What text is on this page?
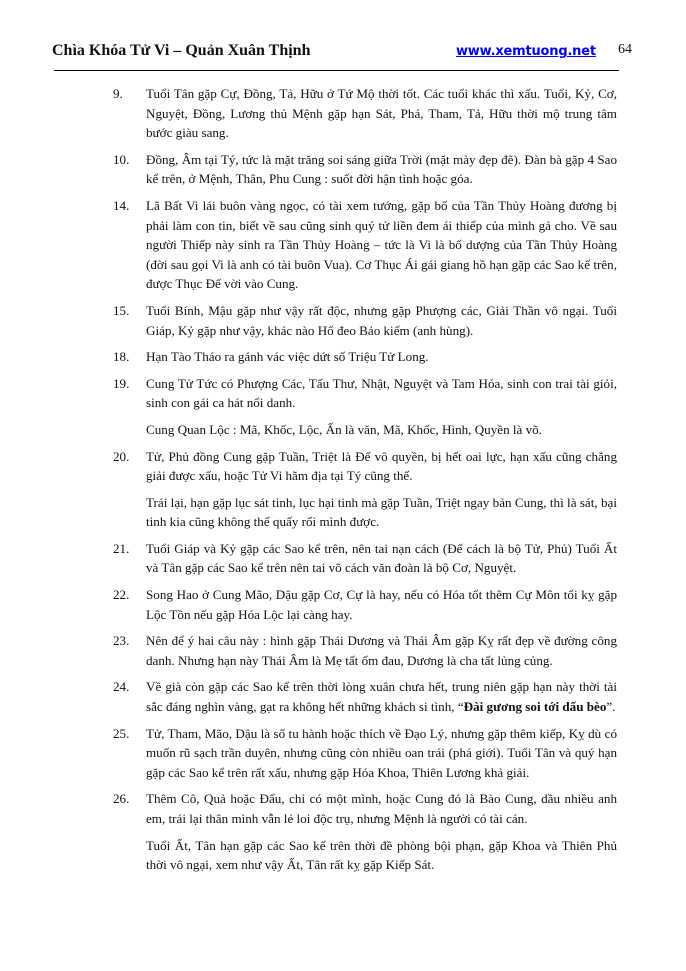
Chìa Khóa Tử Vi – Quản Xuân Thịnh	www.xemtuong.net 64
9. Tuổi Tân gặp Cự, Đồng, Tả, Hữu ở Tứ Mộ thời tốt. Các tuổi khác thì xấu. Tuổi, Kỷ, Cơ, Nguyệt, Đồng, Lương thủ Mệnh gặp hạn Sát, Phá, Tham, Tả, Hữu thời mộ trung tâm bước giàu sang.
10. Đồng, Âm tại Tý, tức là mặt trăng soi sáng giữa Trời (mặt mày đẹp đẽ). Đàn bà gặp 4 Sao kể trên, ở Mệnh, Thân, Phu Cung : suốt đời hận tình hoặc góa.
14. Lã Bất Vi lái buôn vàng ngọc, có tài xem tướng, gặp bố của Tần Thủy Hoàng đương bị phải làm con tin, biết về sau cũng sinh quý tử liền đem ái thiếp của mình gả cho. Về sau người Thiếp này sinh ra Tần Thủy Hoàng – tức là Vi là bố dượng của Tần Thủy Hoàng (đời sau gọi Vi là anh có tài buôn Vua). Cơ Thục Ái gái giang hồ hạn gặp các Sao kể trên, được Thục Đế vời vào Cung.
15. Tuổi Bính, Mậu gặp như vậy rất độc, nhưng gặp Phượng các, Giải Thần vô ngại. Tuổi Giáp, Kỷ gặp như vậy, khác nào Hổ đeo Bảo kiếm (anh hùng).
18. Hạn Tào Tháo ra gánh vác việc dứt số Triệu Tử Long.
19. Cung Tử Tức có Phượng Các, Tấu Thư, Nhật, Nguyệt và Tam Hóa, sinh con trai tài giỏi, sinh con gái ca hát nổi danh.
Cung Quan Lộc : Mã, Khốc, Lộc, Ấn là văn, Mã, Khốc, Hình, Quyền là võ.
20. Tử, Phủ đồng Cung gặp Tuần, Triệt là Đế vô quyền, bị hết oai lực, hạn xấu cũng chẳng giải được xấu, hoặc Tử Vi hãm địa tại Tý cũng thế.
Trái lại, hạn gặp lục sát tinh, lục hại tinh mà gặp Tuần, Triệt ngay bản Cung, thì là sát, bại tinh kia cũng không thể quấy rối mình được.
21. Tuổi Giáp và Kỷ gặp các Sao kể trên, nên tai nạn cách (Đế cách là bộ Tử, Phủ) Tuổi Ất và Tân gặp các Sao kể trên nên tai võ cách văn đoàn là bộ Cơ, Nguyệt.
22. Song Hao ở Cung Mão, Dậu gặp Cơ, Cự là hay, nếu có Hóa tốt thêm Cự Môn tối kỵ gặp Lộc Tồn nếu gặp Hóa Lộc lại càng hay.
23. Nên để ý hai câu này : hình gặp Thái Dương và Thái Âm gặp Kỵ rất đẹp về đường công danh. Nhưng hạn này Thái Âm là Mẹ tất ốm đau, Dương là cha tất lủng củng.
24. Về già còn gặp các Sao kể trên thời lòng xuân chưa hết, trung niên gặp hạn này thời tài sắc đáng nghìn vàng, gạt ra không hết những khách si tình, “Đài gương soi tới dấu bèo”.
25. Tử, Tham, Mão, Dậu là số tu hành hoặc thích về Đạo Lý, nhưng gặp thêm kiếp, Kỵ dù có muốn rũ sạch trần duyên, nhưng cũng còn nhiều oan trái (phá giới). Tuổi Tân và quý hạn gặp các Sao kể trên rất xấu, nhưng gặp Hóa Khoa, Thiên Lương khả giải.
26. Thêm Cô, Quả hoặc Đẩu, chỉ có một mình, hoặc Cung đó là Bào Cung, dầu nhiều anh em, trái lại thân mình vẫn lẻ loi độc trụ, nhưng Mệnh là người có tài cán.
Tuổi Ất, Tân hạn gặp các Sao kể trên thời đề phòng bội phạn, gặp Khoa và Thiên Phủ thời vô ngại, xem như vậy Ất, Tân rất kỵ gặp Kiếp Sát.
